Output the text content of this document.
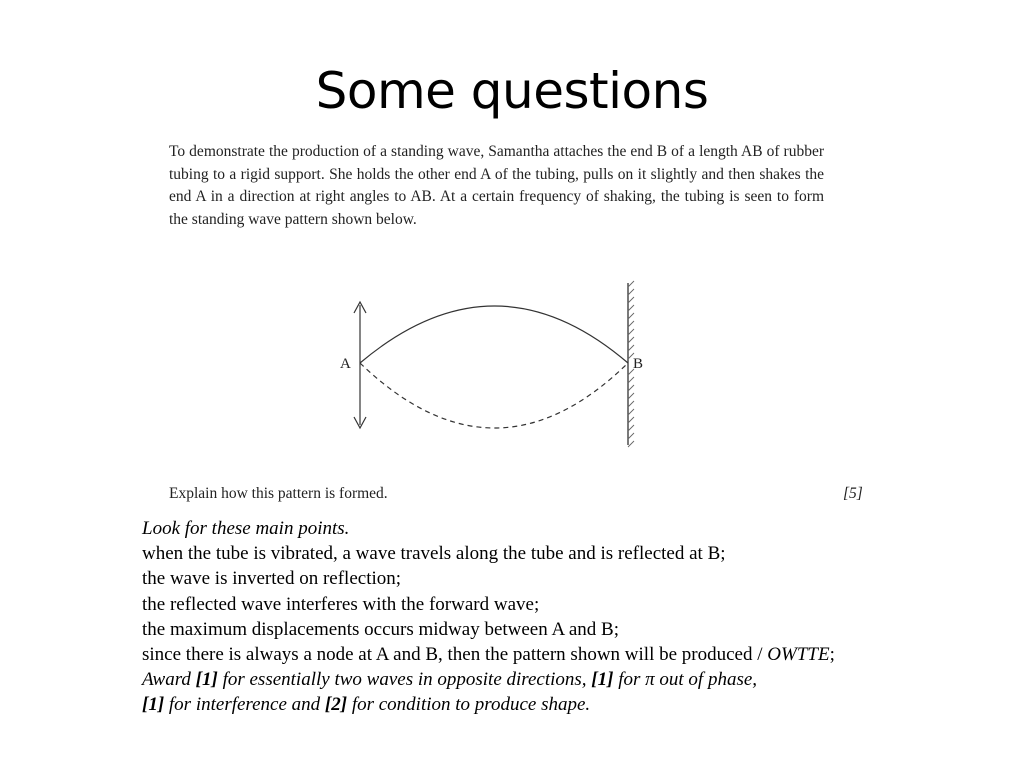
Some questions
To demonstrate the production of a standing wave, Samantha attaches the end B of a length AB of rubber tubing to a rigid support. She holds the other end A of the tubing, pulls on it slightly and then shakes the end A in a direction at right angles to AB. At a certain frequency of shaking, the tubing is seen to form the standing wave pattern shown below.
A	B
Explain how this pattern is formed.	[5]
Look for these main points.
when the tube is vibrated, a wave travels along the tube and is reflected at B;
the wave is inverted on reflection;
the reflected wave interferes with the forward wave;
the maximum displacements occurs midway between A and B;
since there is always a node at A and B, then the pattern shown will be produced / OWTTE;
Award [1] for essentially two waves in opposite directions, [1] for π out of phase,
[1] for interference and [2] for condition to produce shape.
